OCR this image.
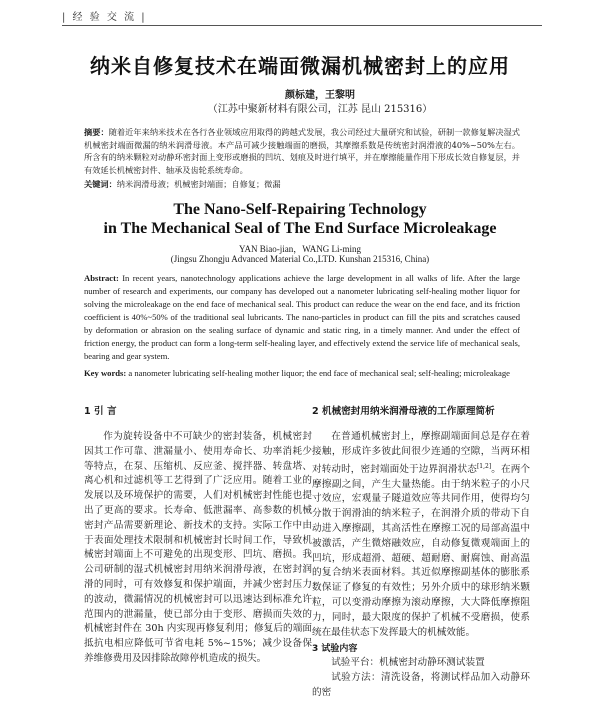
| 经 验 交 流 |
纳米自修复技术在端面微漏机械密封上的应用
颜标建，王黎明
（江苏中聚新材料有限公司，江苏 昆山 215316）
摘要：随着近年来纳米技术在各行各业领域应用取得的跨越式发展，我公司经过大量研究和试验，研制一款修复解决湿式机械密封端面微漏的纳米润滑母液。本产品可减少接触端面的磨损，其摩擦系数是传统密封润滑液的40%~50%左右。所含有的纳米颗粒对动静环密封面上变形或磨损的凹坑、划痕及时进行填平，并在摩擦能量作用下形成长效自修复层，并有效延长机械密封件、轴承及齿轮系统寿命。
关键词：纳米润滑母液；机械密封端面；自修复；微漏
The Nano-Self-Repairing Technology
in The Mechanical Seal of The End Surface Microleakage
YAN Biao-jian，WANG Li-ming
(Jingsu Zhongju Advanced Material Co.,LTD. Kunshan 215316, China)
Abstract: In recent years, nanotechnology applications achieve the large development in all walks of life. After the large number of research and experiments, our company has developed out a nanometer lubricating self-healing mother liquor for solving the microleakage on the end face of mechanical seal. This product can reduce the wear on the end face, and its friction coefficient is 40%~50% of the traditional seal lubricants. The nano-particles in product can fill the pits and scratches caused by deformation or abrasion on the sealing surface of dynamic and static ring, in a timely manner. And under the effect of friction energy, the product can form a long-term self-healing layer, and effectively extend the service life of mechanical seals, bearing and gear system.
Key words: a nanometer lubricating self-healing mother liquor; the end face of mechanical seal; self-healing; microleakage
1 引 言

作为旋转设备中不可缺少的密封装备，机械密封因其工作可靠、泄漏量小、使用寿命长、功率消耗少等特点，在泵、压缩机、反应釜、搅拌器、转盘塔、离心机和过滤机等工艺得到了广泛应用。随着工业的发展以及环境保护的需要，人们对机械密封性能也提出了更高的要求。长寿命、低泄漏率、高参数的机械密封产品需要新理论、新技术的支持。实际工作中由于表面处理技术限制和机械密封长时间工作，导致机械密封端面上不可避免的出现变形、凹坑、磨损。我公司研制的湿式机械密封用纳米润滑母液，在密封润滑的同时，可有效修复和保护端面，并减少密封压力的波动，微漏情况的机械密封可以迅速达到标准允许范围内的泄漏量，使已部分由于变形、磨损而失效的机械密封件在 30h 内实现再修复利用；修复后的端面抵抗电相应降低可节省电耗 5%~15%；减少设备保养维修费用及因排除故障停机造成的损失。

2 机械密封用纳米润滑母液的工作原理简析

在普通机械密封上，摩擦副端面间总是存在着接触，形成许多彼此间很少连通的空隙，当两环相对转动时，密封端面处于边界润滑状态[1,2]。在两个摩擦副之间，产生大量热能。由于纳米粒子的小尺寸效应，宏观量子隧道效应等共同作用，使得均匀分散于润滑油的纳米粒子，在润滑介质的带动下自动进入摩擦副，其高活性在摩擦工况的局部高温中被激活，产生微熔融效应，自动修复微观端面上的凹坑，形成超滑、超硬、超耐磨、耐腐蚀、耐高温的复合纳米表面材料。其近似摩擦副基体的膨胀系数保证了修复的有效性；另外介质中的球形纳米颗粒，可以变滑动摩擦为滚动摩擦，大大降低摩擦阻力，同时，最大限度的保护了机械不受磨损，使系统在最佳状态下发挥最大的机械效能。

3 试验内容

试验平台：机械密封动静环测试装置

试验方法：清洗设备，将测试样品加入动静环的密
